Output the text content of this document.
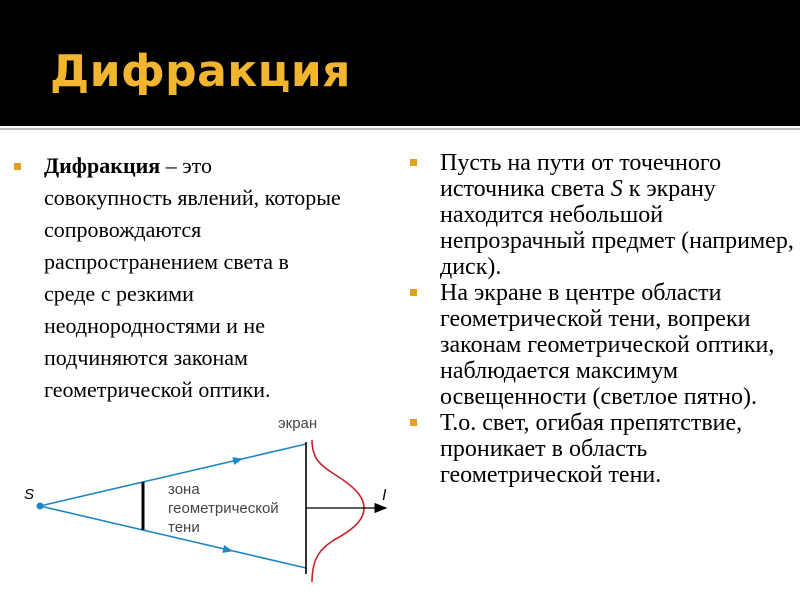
Дифракция
Дифракция – это совокупность явлений, которые сопровождаются распространением света в среде с резкими неоднородностями и не подчиняются законам геометрической оптики.
S	зона
геометрической
тени
экран
I
Пусть на пути от точечного источника света S к экрану находится небольшой непрозрачный предмет (например, диск).
На экране в центре области геометрической тени, вопреки законам геометрической оптики, наблюдается максимум освещенности (светлое пятно).
Т.о. свет, огибая препятствие, проникает в область геометрической тени.
